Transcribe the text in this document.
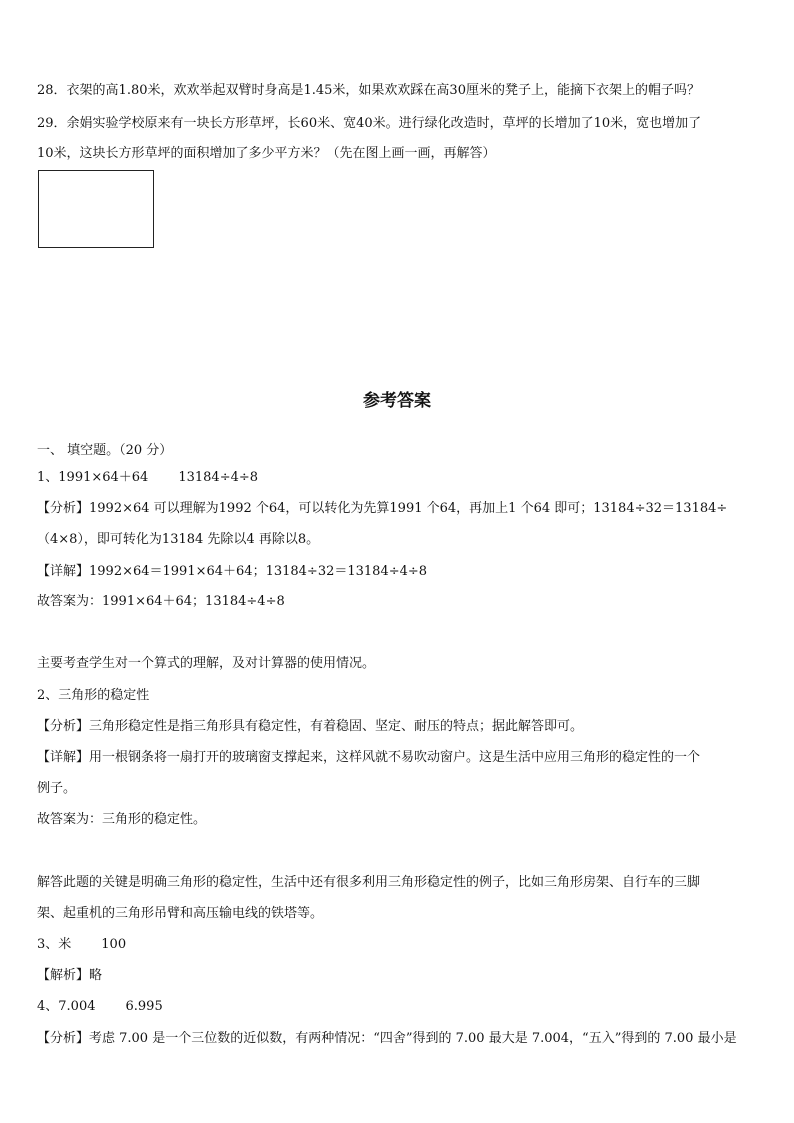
28．衣架的高1.80米，欢欢举起双臂时身高是1.45米，如果欢欢踩在高30厘米的凳子上，能摘下衣架上的帽子吗？
29．余娟实验学校原来有一块长方形草坪，长60米、宽40米。进行绿化改造时，草坪的长增加了10米，宽也增加了
10米，这块长方形草坪的面积增加了多少平方米？（先在图上画一画，再解答）
参考答案
一、 填空题。（20 分）
1、1991×64＋64 13184÷4÷8
【分析】1992×64 可以理解为1992 个64，可以转化为先算1991 个64，再加上1 个64 即可；13184÷32＝13184÷
（4×8），即可转化为13184 先除以4 再除以8。
【详解】1992×64＝1991×64＋64；13184÷32＝13184÷4÷8
故答案为：1991×64＋64；13184÷4÷8
主要考查学生对一个算式的理解，及对计算器的使用情况。
2、三角形的稳定性
【分析】三角形稳定性是指三角形具有稳定性，有着稳固、坚定、耐压的特点；据此解答即可。
【详解】用一根钢条将一扇打开的玻璃窗支撑起来，这样风就不易吹动窗户。这是生活中应用三角形的稳定性的一个
例子。
故答案为：三角形的稳定性。
解答此题的关键是明确三角形的稳定性，生活中还有很多利用三角形稳定性的例子，比如三角形房架、自行车的三脚
架、起重机的三角形吊臂和高压输电线的铁塔等。
3、米 100
【解析】略
4、7.004 6.995
【分析】考虑 7.00 是一个三位数的近似数，有两种情况：“四舍”得到的 7.00 最大是 7.004，“五入”得到的 7.00 最小是
